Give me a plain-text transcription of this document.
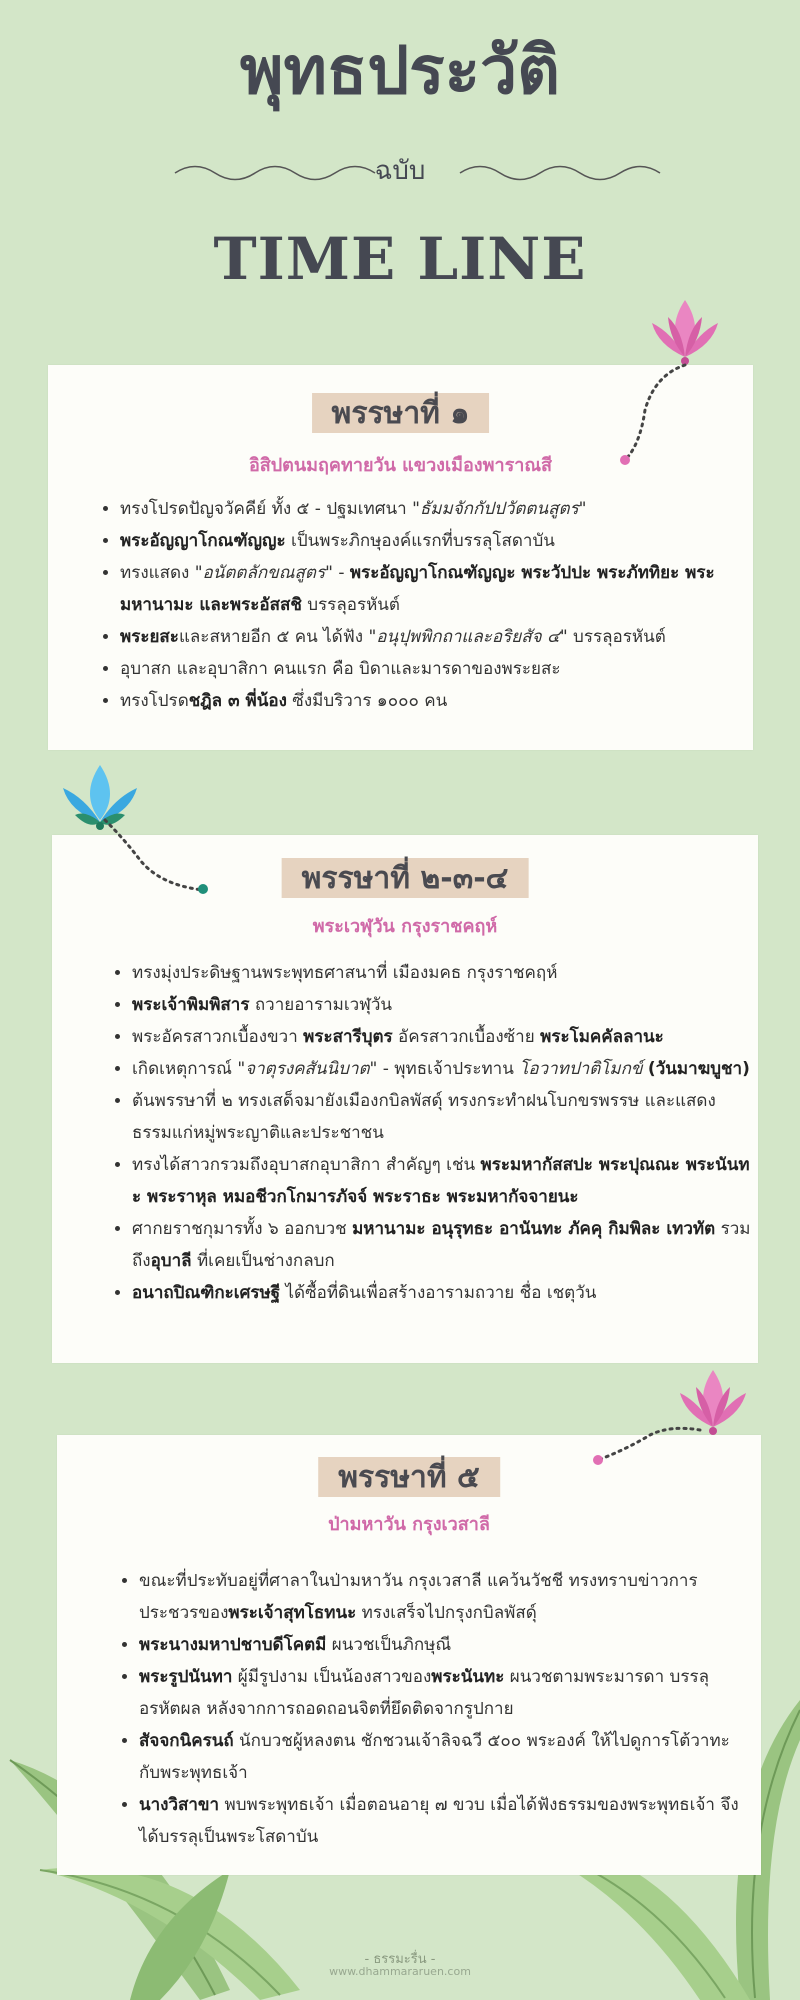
พุทธประวัติ
ฉบับ
TIME LINE
พรรษาที่ ๑
อิสิปตนมฤคทายวัน แขวงเมืองพาราณสี
• ทรงโปรดปัญจวัคคีย์ ทั้ง ๕ - ปฐมเทศนา "ธัมมจักกัปปวัตตนสูตร"
• พระอัญญาโกณฑัญญะ เป็นพระภิกษุองค์แรกที่บรรลุโสดาบัน
• ทรงแสดง "อนัตตลักขณสูตร" - พระอัญญาโกณฑัญญะ พระวัปปะ พระภัททิยะ พระมหานามะ และพระอัสสชิ บรรลุอรหันต์
• พระยสะและสหายอีก ๕ คน ได้ฟัง "อนุปุพพิกถาและอริยสัจ ๔" บรรลุอรหันต์
• อุบาสก และอุบาสิกา คนแรก คือ บิดาและมารดาของพระยสะ
• ทรงโปรดชฎิล ๓ พี่น้อง ซึ่งมีบริวาร ๑๐๐๐ คน
พรรษาที่ ๒-๓-๔
พระเวฬุวัน กรุงราชคฤห์
• ทรงมุ่งประดิษฐานพระพุทธศาสนาที่ เมืองมคธ กรุงราชคฤห์
• พระเจ้าพิมพิสาร ถวายอารามเวฬุวัน
• พระอัครสาวกเบื้องขวา พระสารีบุตร อัครสาวกเบื้องซ้าย พระโมคคัลลานะ
• เกิดเหตุการณ์ "จาตุรงคสันนิบาต" - พุทธเจ้าประทาน โอวาทปาติโมกข์ (วันมาฆบูชา)
• ต้นพรรษาที่ ๒ ทรงเสด็จมายังเมืองกบิลพัสดุ์ ทรงกระทำฝนโบกขรพรรษ และแสดงธรรมแก่หมู่พระญาติและประชาชน
• ทรงได้สาวกรวมถึงอุบาสกอุบาสิกา สำคัญๆ เช่น พระมหากัสสปะ พระปุณณะ พระนันทะ พระราหุล หมอชีวกโกมารภัจจ์ พระราธะ พระมหากัจจายนะ
• ศากยราชกุมารทั้ง ๖ ออกบวช มหานามะ อนุรุทธะ อานันทะ ภัคคุ กิมพิละ เทวทัต รวมถึงอุบาลี ที่เคยเป็นช่างกลบก
• อนาถปิณฑิกะเศรษฐี ได้ซื้อที่ดินเพื่อสร้างอารามถวาย ชื่อ เชตุวัน
พรรษาที่ ๕
ป่ามหาวัน กรุงเวสาลี
• ขณะที่ประทับอยู่ที่ศาลาในป่ามหาวัน กรุงเวสาลี แคว้นวัชชี ทรงทราบข่าวการประชวรของพระเจ้าสุทโธทนะ ทรงเสร็จไปกรุงกบิลพัสดุ์
• พระนางมหาปชาบดีโคตมี ผนวชเป็นภิกษุณี
• พระรูปนันทา ผู้มีรูปงาม เป็นน้องสาวของพระนันทะ ผนวชตามพระมารดา บรรลุอรหัตผล หลังจากการถอดถอนจิตที่ยึดติดจากรูปกาย
• สัจจกนิครนถ์ นักบวชผู้หลงตน ชักชวนเจ้าลิจฉวี ๕๐๐ พระองค์ ให้ไปดูการโต้วาทะกับพระพุทธเจ้า
• นางวิสาขา พบพระพุทธเจ้า เมื่อตอนอายุ ๗ ขวบ เมื่อได้ฟังธรรมของพระพุทธเจ้า จึงได้บรรลุเป็นพระโสดาบัน
- ธรรมะรื่น -
www.dhammararuen.com
